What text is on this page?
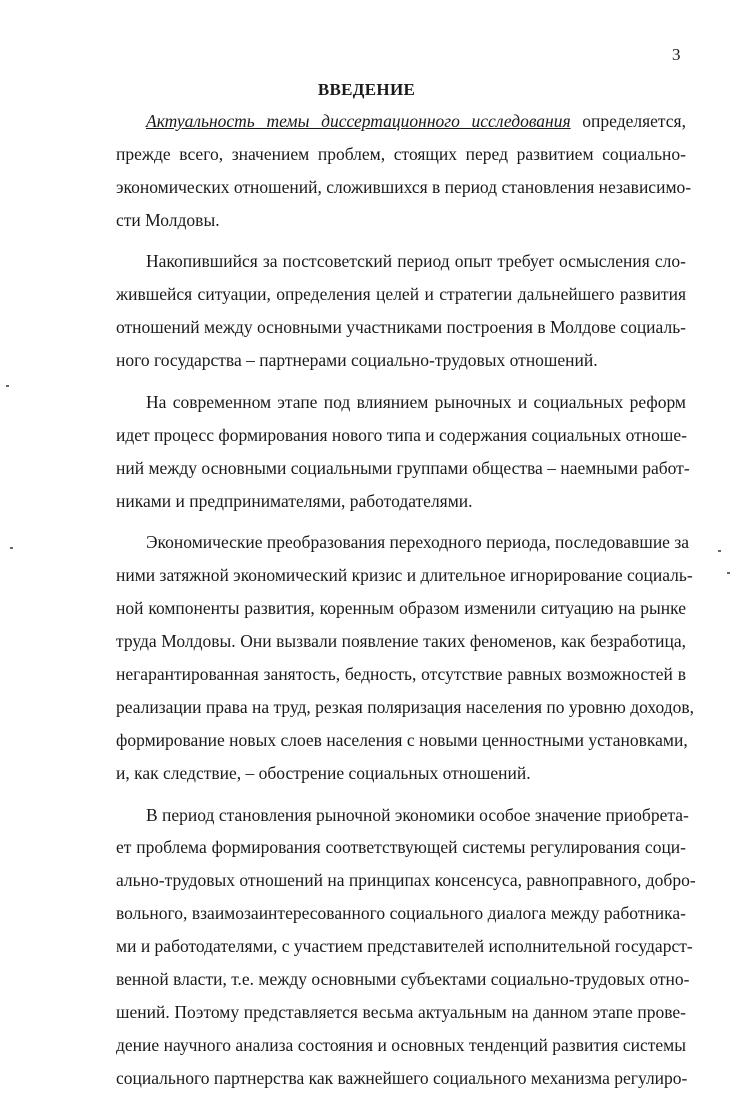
3
ВВЕДЕНИЕ
Актуальность темы диссертационного исследования определяется,
прежде всего, значением проблем, стоящих перед развитием социально-
экономических отношений, сложившихся в период становления независимо-
сти Молдовы.
Накопившийся за постсоветский период опыт требует осмысления сло-
жившейся ситуации, определения целей и стратегии дальнейшего развития
отношений между основными участниками построения в Молдове социаль-
ного государства – партнерами социально-трудовых отношений.
На современном этапе под влиянием рыночных и социальных реформ
идет процесс формирования нового типа и содержания социальных отноше-
ний между основными социальными группами общества – наемными работ-
никами и предпринимателями, работодателями.
Экономические преобразования переходного периода, последовавшие за
ними затяжной экономический кризис и длительное игнорирование социаль-
ной компоненты развития, коренным образом изменили ситуацию на рынке
труда Молдовы. Они вызвали появление таких феноменов, как безработица,
негарантированная занятость, бедность, отсутствие равных возможностей в
реализации права на труд, резкая поляризация населения по уровню доходов,
формирование новых слоев населения с новыми ценностными установками,
и, как следствие, – обострение социальных отношений.
В период становления рыночной экономики особое значение приобрета-
ет проблема формирования соответствующей системы регулирования соци-
ально-трудовых отношений на принципах консенсуса, равноправного, добро-
вольного, взаимозаинтересованного социального диалога между работника-
ми и работодателями, с участием представителей исполнительной государст-
венной власти, т.е. между основными субъектами социально-трудовых отно-
шений. Поэтому представляется весьма актуальным на данном этапе прове-
дение научного анализа состояния и основных тенденций развития системы
социального партнерства как важнейшего социального механизма регулиро-
